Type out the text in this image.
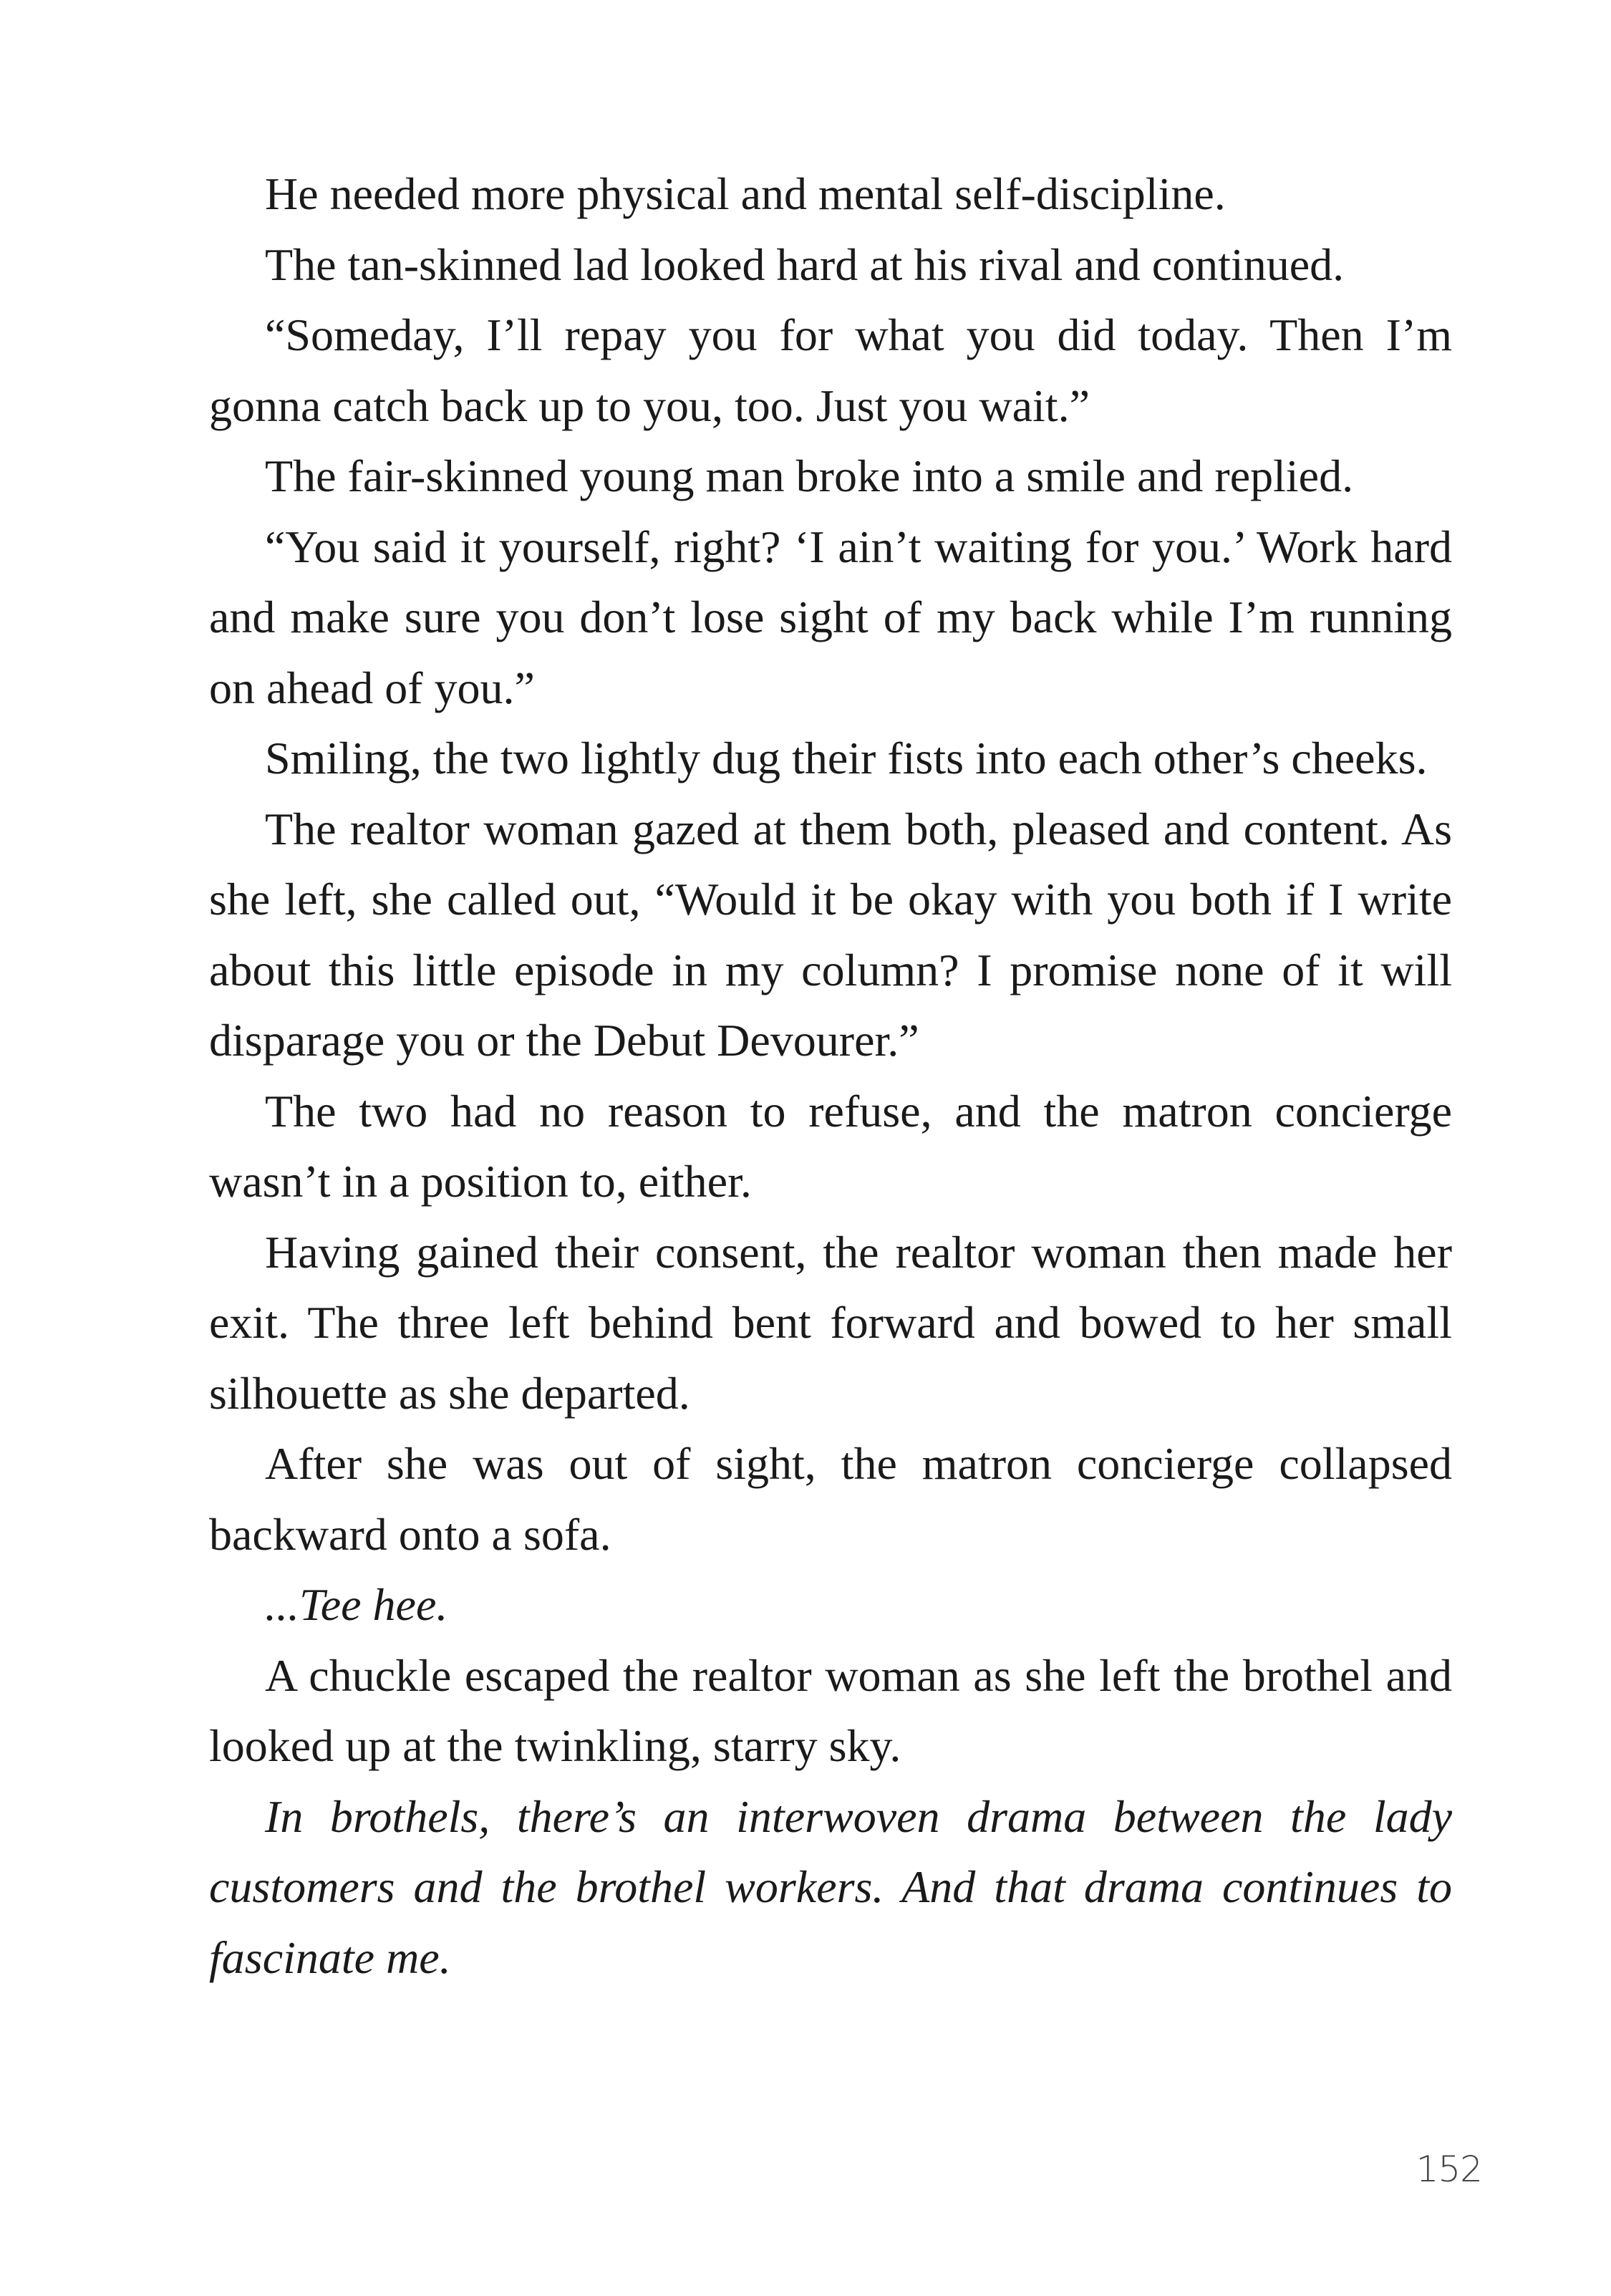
He needed more physical and mental self-discipline.

The tan-skinned lad looked hard at his rival and continued.

“Someday, I’ll repay you for what you did today. Then I’m gonna catch back up to you, too. Just you wait.”

The fair-skinned young man broke into a smile and replied.

“You said it yourself, right? ‘I ain’t waiting for you.’ Work hard and make sure you don’t lose sight of my back while I’m running on ahead of you.”

Smiling, the two lightly dug their fists into each other’s cheeks.

The realtor woman gazed at them both, pleased and content. As she left, she called out, “Would it be okay with you both if I write about this little episode in my column? I promise none of it will disparage you or the Debut Devourer.”

The two had no reason to refuse, and the matron concierge wasn’t in a position to, either.

Having gained their consent, the realtor woman then made her exit. The three left behind bent forward and bowed to her small silhouette as she departed.

After she was out of sight, the matron concierge collapsed backward onto a sofa.

...Tee hee.

A chuckle escaped the realtor woman as she left the brothel and looked up at the twinkling, starry sky.

In brothels, there’s an interwoven drama between the lady customers and the brothel workers. And that drama continues to fascinate me.

152
